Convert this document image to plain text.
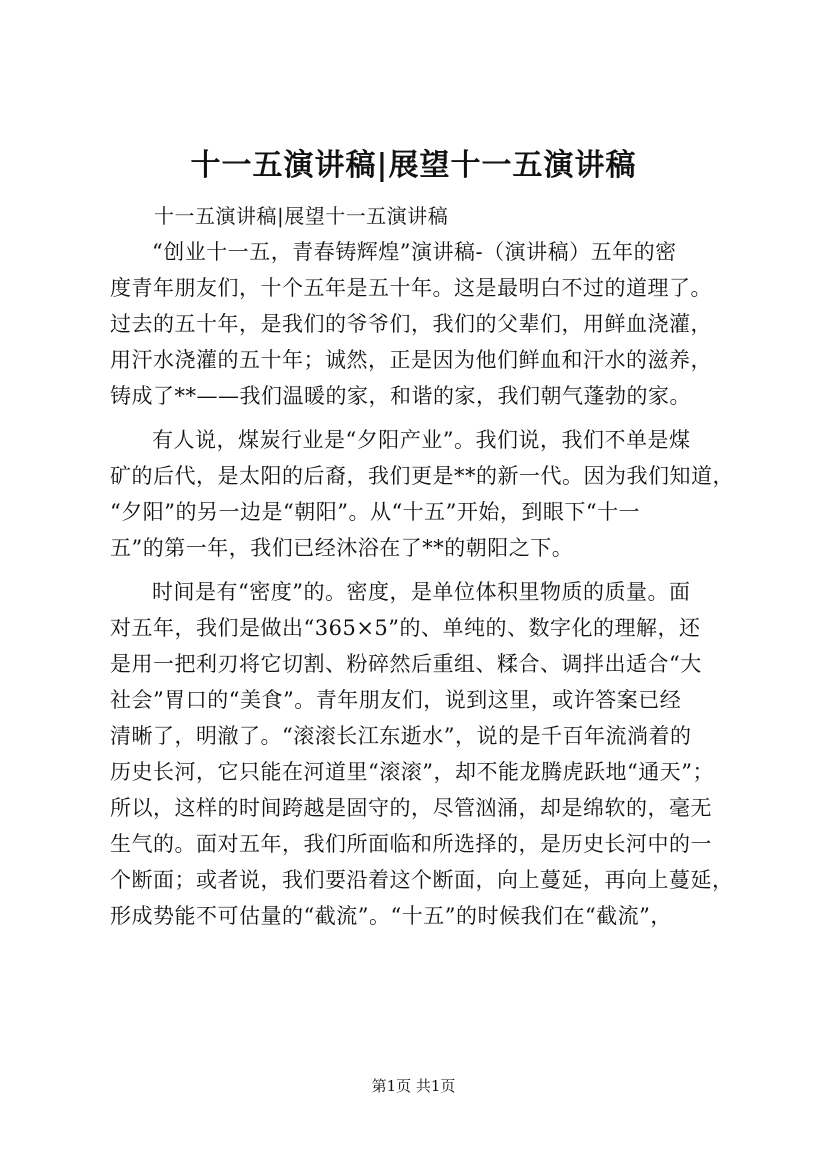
十一五演讲稿|展望十一五演讲稿
十一五演讲稿|展望十一五演讲稿
“创业十一五，青春铸辉煌”演讲稿-（演讲稿）五年的密
度青年朋友们，十个五年是五十年。这是最明白不过的道理了。
过去的五十年，是我们的爷爷们，我们的父辈们，用鲜血浇灌，
用汗水浇灌的五十年；诚然，正是因为他们鲜血和汗水的滋养，
铸成了**——我们温暖的家，和谐的家，我们朝气蓬勃的家。
有人说，煤炭行业是“夕阳产业”。我们说，我们不单是煤
矿的后代，是太阳的后裔，我们更是**的新一代。因为我们知道，
“夕阳”的另一边是“朝阳”。从“十五”开始，到眼下“十一
五”的第一年，我们已经沐浴在了**的朝阳之下。
时间是有“密度”的。密度，是单位体积里物质的质量。面
对五年，我们是做出“365×5”的、单纯的、数字化的理解，还
是用一把利刃将它切割、粉碎然后重组、糅合、调拌出适合“大
社会”胃口的“美食”。青年朋友们，说到这里，或许答案已经
清晰了，明澈了。“滚滚长江东逝水”，说的是千百年流淌着的
历史长河，它只能在河道里“滚滚”，却不能龙腾虎跃地“通天”；
所以，这样的时间跨越是固守的，尽管汹涌，却是绵软的，毫无
生气的。面对五年，我们所面临和所选择的，是历史长河中的一
个断面；或者说，我们要沿着这个断面，向上蔓延，再向上蔓延，
形成势能不可估量的“截流”。“十五”的时候我们在“截流”，
第1页 共1页
